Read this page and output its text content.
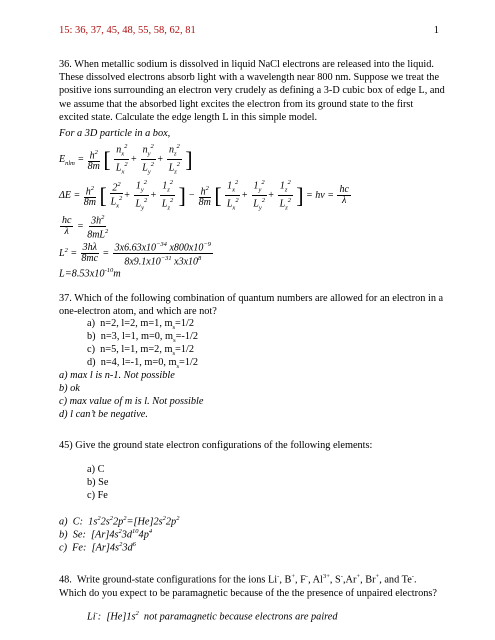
15: 36, 37, 45, 48, 55, 58, 62, 81	1
36. When metallic sodium is dissolved in liquid NaCl electrons are released into the liquid. These dissolved electrons absorb light with a wavelength near 800 nm. Suppose we treat the positive ions surrounding an electron very crudely as defining a 3-D cubic box of edge L, and we assume that the absorbed light excites the electron from its ground state to the first excited state. Calculate the edge length L in this simple model.
For a 3D particle in a box,
$E_{nlm} = \frac{h^2}{8m}$ [ $\frac{n_x^2}{L_x^2} + \frac{n_y^2}{L_y^2} + \frac{n_z^2}{L_z^2}$ ]
$\Delta E = \frac{h^2}{8m}$ [ $\frac{2^2}{L_x^2} + \frac{1_y^2}{L_y^2} + \frac{1_z^2}{L_z^2}$ ] − $\frac{h^2}{8m}$ [ $\frac{1_x^2}{L_x^2} + \frac{1_y^2}{L_y^2} + \frac{1_z^2}{L_z^2}$ ] = $h\nu = \frac{hc}{\lambda}$
$\frac{hc}{\lambda} = \frac{3h^2}{8mL^2}$
$L^2 = \frac{3h\lambda}{8mc} = \frac{3x6.63x10^{-34} x800x10^{-9}}{8x9.1x10^{-31} x3x10^8}$
$L=8.53x10^{-10}m$
37. Which of the following combination of quantum numbers are allowed for an electron in a one-electron atom, and which are not?
a)  n=2, l=2, m=1, $m_s=1/2$
b)  n=3, l=1, m=0, $m_s=-1/2$
c)  n=5, l=1, m=2, $m_s=1/2$
d)  n=4, l=-1, m=0, $m_s=1/2$
a) max l is n-1. Not possible
b) ok
c) max value of m is l. Not possible
d) l can’t be negative.
45) Give the ground state electron configurations of the following elements:
a) C
b) Se
c) Fe
a)  C:  $1s^22s^22p^2=[He]2s^22p^2$
b)  Se:  $[Ar]4s^23d^{10}4p^4$
c)  Fe:  $[Ar]4s^23d^6$
48.  Write ground-state configurations for the ions Li-, B+, F-, $Al^{3+}$, S-,Ar+, Br+, and Te-. Which do you expect to be paramagnetic because of the the presence of unpaired electrons?
Li-:  $[He]1s^2$  not paramagnetic because electrons are paired
